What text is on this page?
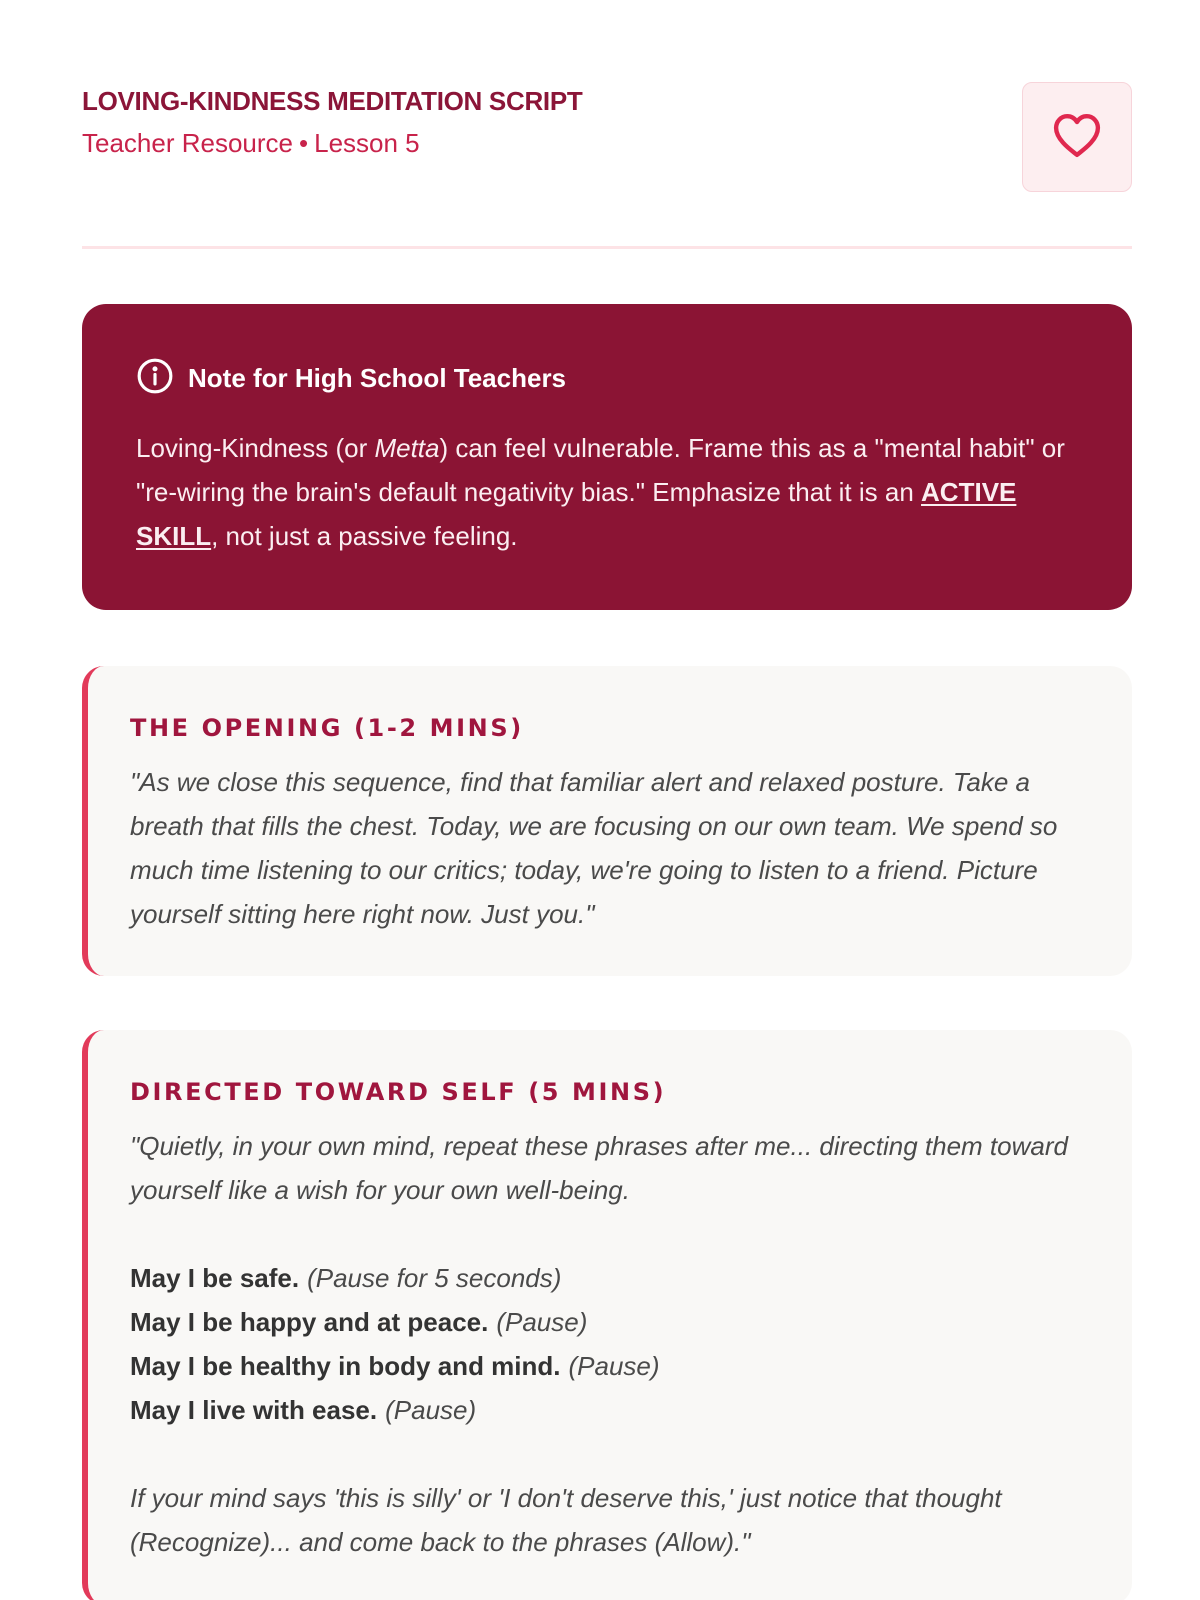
LOVING-KINDNESS MEDITATION SCRIPT
Teacher Resource • Lesson 5
Note for High School Teachers

Loving-Kindness (or Metta) can feel vulnerable. Frame this as a "mental habit" or "re-wiring the brain's default negativity bias." Emphasize that it is an ACTIVE SKILL, not just a passive feeling.

THE OPENING (1-2 MINS)

"As we close this sequence, find that familiar alert and relaxed posture. Take a breath that fills the chest. Today, we are focusing on our own team. We spend so much time listening to our critics; today, we're going to listen to a friend. Picture yourself sitting here right now. Just you."

DIRECTED TOWARD SELF (5 MINS)

"Quietly, in your own mind, repeat these phrases after me... directing them toward yourself like a wish for your own well-being.

May I be safe. (Pause for 5 seconds)
May I be happy and at peace. (Pause)
May I be healthy in body and mind. (Pause)
May I live with ease. (Pause)

If your mind says 'this is silly' or 'I don't deserve this,' just notice that thought (Recognize)... and come back to the phrases (Allow)."
